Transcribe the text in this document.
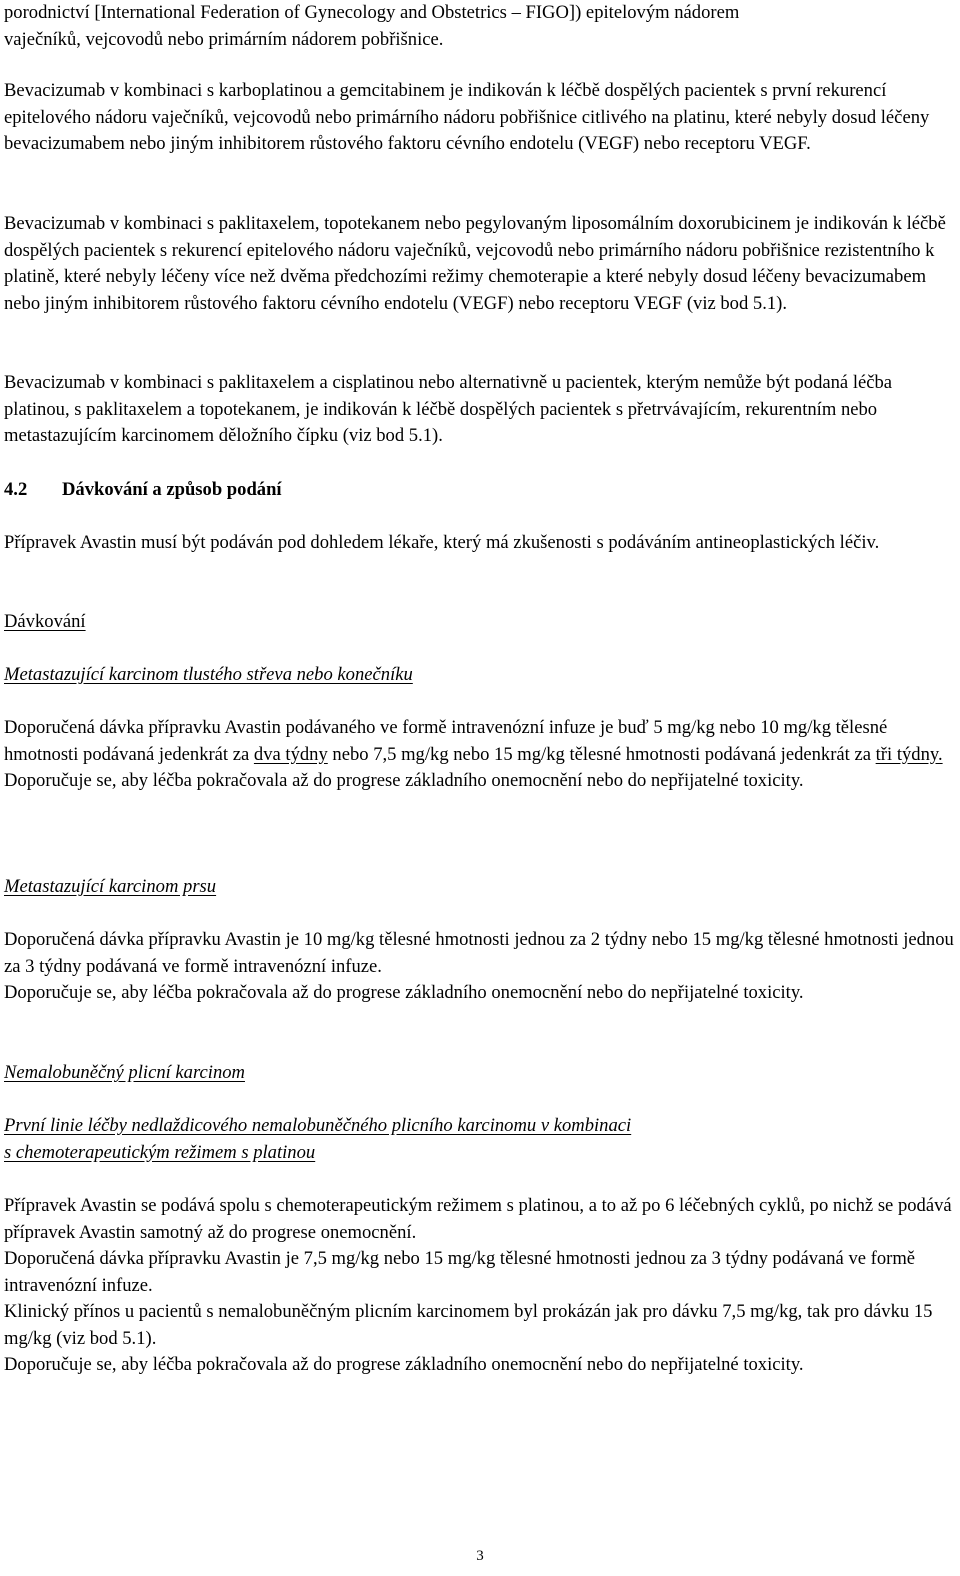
porodnictví [International Federation of Gynecology and Obstetrics – FIGO]) epitelovým nádorem

vaječníků, vejcovodů nebo primárním nádorem pobřišnice.

Bevacizumab v kombinaci s karboplatinou a gemcitabinem je indikován k léčbě dospělých pacientek s první rekurencí epitelového nádoru vaječníků, vejcovodů nebo primárního nádoru pobřišnice citlivého na platinu, které nebyly dosud léčeny bevacizumabem nebo jiným inhibitorem růstového faktoru cévního endotelu (VEGF) nebo receptoru VEGF.

Bevacizumab v kombinaci s paklitaxelem, topotekanem nebo pegylovaným liposomálním doxorubicinem je indikován k léčbě dospělých pacientek s rekurencí epitelového nádoru vaječníků, vejcovodů nebo primárního nádoru pobřišnice rezistentního k platině, které nebyly léčeny více než dvěma předchozími režimy chemoterapie a které nebyly dosud léčeny bevacizumabem nebo jiným inhibitorem růstového faktoru cévního endotelu (VEGF) nebo receptoru VEGF (viz bod 5.1).

Bevacizumab v kombinaci s paklitaxelem a cisplatinou nebo alternativně u pacientek, kterým nemůže být podaná léčba platinou, s paklitaxelem a topotekanem, je indikován k léčbě dospělých pacientek s přetrvávajícím, rekurentním nebo metastazujícím karcinomem děložního čípku (viz bod 5.1).

4.2 Dávkování a způsob podání

Přípravek Avastin musí být podáván pod dohledem lékaře, který má zkušenosti s podáváním antineoplastických léčiv.

Dávkování
Metastazující karcinom tlustého střeva nebo konečníku

Doporučená dávka přípravku Avastin podávaného ve formě intravenózní infuze je buď 5 mg/kg nebo 10 mg/kg tělesné hmotnosti podávaná jedenkrát za dva týdny nebo 7,5 mg/kg nebo 15 mg/kg tělesné hmotnosti podávaná jedenkrát za tři týdny.

Doporučuje se, aby léčba pokračovala až do progrese základního onemocnění nebo do nepřijatelné toxicity.

Metastazující karcinom prsu

Doporučená dávka přípravku Avastin je 10 mg/kg tělesné hmotnosti jednou za 2 týdny nebo 15 mg/kg tělesné hmotnosti jednou za 3 týdny podávaná ve formě intravenózní infuze.

Doporučuje se, aby léčba pokračovala až do progrese základního onemocnění nebo do nepřijatelné toxicity.

Nemalobuněčný plicní karcinom

První linie léčby nedlaždicového nemalobuněčného plicního karcinomu v kombinaci

s chemoterapeutickým režimem s platinou

Přípravek Avastin se podává spolu s chemoterapeutickým režimem s platinou, a to až po 6 léčebných cyklů, po nichž se podává přípravek Avastin samotný až do progrese onemocnění.

Doporučená dávka přípravku Avastin je 7,5 mg/kg nebo 15 mg/kg tělesné hmotnosti jednou za 3 týdny podávaná ve formě intravenózní infuze.

Klinický přínos u pacientů s nemalobuněčným plicním karcinomem byl prokázán jak pro dávku 7,5 mg/kg, tak pro dávku 15 mg/kg (viz bod 5.1).

Doporučuje se, aby léčba pokračovala až do progrese základního onemocnění nebo do nepřijatelné toxicity.

3
